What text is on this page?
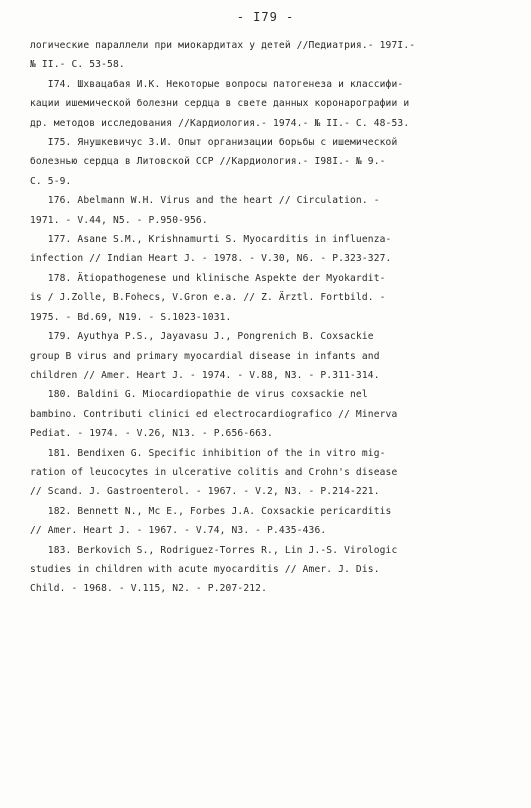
- I79 -
логические параллели при миокардитах у детей //Педиатрия.- 197I.-
№ II.- С. 53-58.
I74. Шхвацабая И.К. Некоторые вопросы патогенеза и классифи-
кации ишемической болезни сердца в свете данных коронарографии и
др. методов исследования //Кардиология.- 1974.- № II.- С. 48-53.
I75. Янушкевичус З.И. Опыт организации борьбы с ишемической
болезнью сердца в Литовской ССР //Кардиология.- I98I.- № 9.-
С. 5-9.
176. Abelmann W.H. Virus and the heart // Circulation. -
1971. - V.44, N5. - P.950-956.
177. Asane S.M., Krishnamurti S. Myocarditis in influenza-
infection // Indian Heart J. - 1978. - V.30, N6. - P.323-327.
178. Ätiopathogenese und klinische Aspekte der Myokardit-
is / J.Zolle, B.Fohecs, V.Gron e.a. // Z. Ärztl. Fortbild. -
1975. - Bd.69, N19. - S.1023-1031.
179. Ayuthya P.S., Jayavasu J., Pongrenich B. Coxsackie
group B virus and primary myocardial disease in infants and
children // Amer. Heart J. - 1974. - V.88, N3. - P.311-314.
180. Baldini G. Miocardiopathie de virus coxsackie nel
bambino. Contributi clinici ed electrocardiografico // Minerva
Pediat. - 1974. - V.26, N13. - P.656-663.
181. Bendixen G. Specific inhibition of the in vitro mig-
ration of leucocytes in ulcerative colitis and Crohn's disease
// Scand. J. Gastroenterol. - 1967. - V.2, N3. - P.214-221.
182. Bennett N., Mc E., Forbes J.A. Coxsackie pericarditis
// Amer. Heart J. - 1967. - V.74, N3. - P.435-436.
183. Berkovich S., Rodriguez-Torres R., Lin J.-S. Virologic
studies in children with acute myocarditis // Amer. J. Dis.
Child. - 1968. - V.115, N2. - P.207-212.
